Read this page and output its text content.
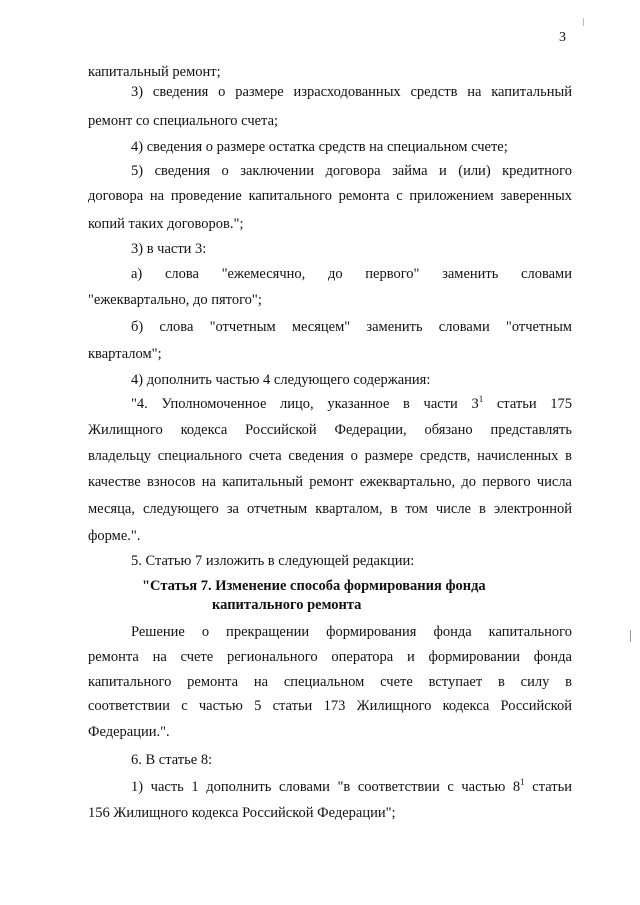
3
капитальный ремонт;
3) сведения о размере израсходованных средств на капитальный
ремонт со специального счета;
4) сведения о размере остатка средств на специальном счете;
5) сведения о заключении договора займа и (или) кредитного
договора на проведение капитального ремонта с приложением заверенных
копий таких договоров.";
3) в части 3:
а) слова "ежемесячно, до первого" заменить словами
"ежеквартально, до пятого";
б) слова "отчетным месяцем" заменить словами "отчетным
кварталом";
4) дополнить частью 4 следующего содержания:
"4. Уполномоченное лицо, указанное в части $3^1$ статьи 175
Жилищного кодекса Российской Федерации, обязано представлять
владельцу специального счета сведения о размере средств, начисленных в
качестве взносов на капитальный ремонт ежеквартально, до первого числа
месяца, следующего за отчетным кварталом, в том числе в электронной
форме.".
5. Статью 7 изложить в следующей редакции:
"Статья 7. Изменение способа формирования фонда
капитального ремонта
Решение о прекращении формирования фонда капитального
ремонта на счете регионального оператора и формировании фонда
капитального ремонта на специальном счете вступает в силу в
соответствии с частью 5 статьи 173 Жилищного кодекса Российской
Федерации.".
6. В статье 8:
1) часть 1 дополнить словами "в соответствии с частью $8^1$ статьи
156 Жилищного кодекса Российской Федерации";
